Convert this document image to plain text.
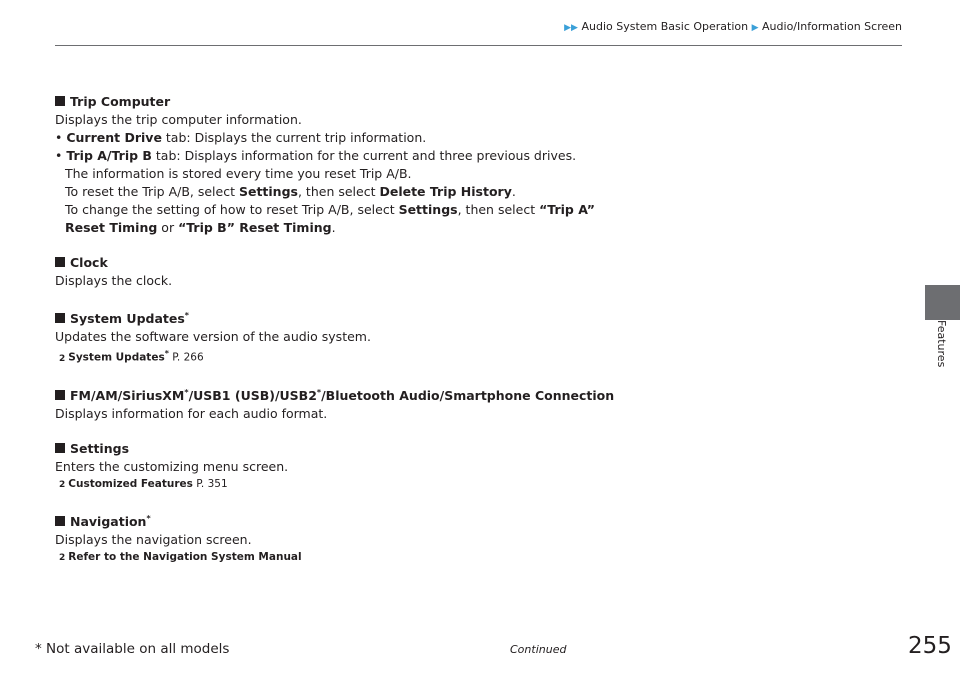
▶▶ Audio System Basic Operation ▶ Audio/Information Screen
Features
Trip Computer

Displays the trip computer information.

• Current Drive tab: Displays the current trip information.

• Trip A/Trip B tab: Displays information for the current and three previous drives.

The information is stored every time you reset Trip A/B.

To reset the Trip A/B, select Settings, then select Delete Trip History.

To change the setting of how to reset Trip A/B, select Settings, then select “Trip A” Reset Timing or “Trip B” Reset Timing.

Clock

Displays the clock.

System Updates*

Updates the software version of the audio system.

2 System Updates* P. 266

FM/AM/SiriusXM*/USB1 (USB)/USB2*/Bluetooth Audio/Smartphone Connection

Displays information for each audio format.

Settings

Enters the customizing menu screen.

2 Customized Features P. 351

Navigation*

Displays the navigation screen.

2 Refer to the Navigation System Manual

* Not available on all models	Continued	255
